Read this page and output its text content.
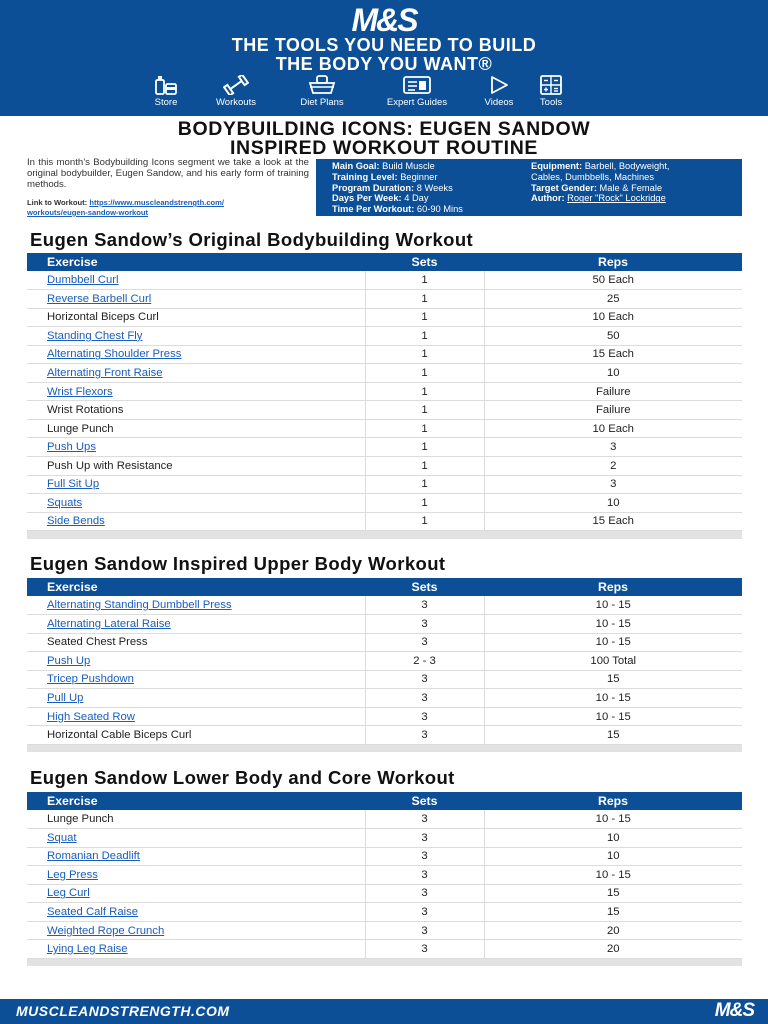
M&S
THE TOOLS YOU NEED TO BUILD
THE BODY YOU WANT®
Store	Workouts	Diet Plans	Expert Guides	Videos	Tools
BODYBUILDING ICONS: EUGEN SANDOW
INSPIRED WORKOUT ROUTINE

In this month’s Bodybuilding Icons segment we take a look at the original bodybuilder, Eugen Sandow, and his early form of training methods.

Link to Workout: https://www.muscleandstrength.com/
workouts/eugen-sandow-workout
Main Goal: Build Muscle
Training Level: Beginner
Program Duration: 8 Weeks
Days Per Week: 4 Day
Time Per Workout: 60-90 Mins
Equipment: Barbell, Bodyweight,
Cables, Dumbbells, Machines
Target Gender: Male & Female
Author: Roger "Rock" Lockridge
Eugen Sandow’s Original Bodybuilding Workout
Exercise	Sets	Reps
Dumbbell Curl	1	50 Each
Reverse Barbell Curl	1	25
Horizontal Biceps Curl	1	10 Each
Standing Chest Fly	1	50
Alternating Shoulder Press	1	15 Each
Alternating Front Raise	1	10
Wrist Flexors	1	Failure
Wrist Rotations	1	Failure
Lunge Punch	1	10 Each
Push Ups	1	3
Push Up with Resistance	1	2
Full Sit Up	1	3
Squats	1	10
Side Bends	1	15 Each

Eugen Sandow Inspired Upper Body Workout
Exercise	Sets	Reps
Alternating Standing Dumbbell Press	3	10 - 15
Alternating Lateral Raise	3	10 - 15
Seated Chest Press	3	10 - 15
Push Up	2 - 3	100 Total
Tricep Pushdown	3	15
Pull Up	3	10 - 15
High Seated Row	3	10 - 15
Horizontal Cable Biceps Curl	3	15

Eugen Sandow Lower Body and Core Workout
Exercise	Sets	Reps
Lunge Punch	3	10 - 15
Squat	3	10
Romanian Deadlift	3	10
Leg Press	3	10 - 15
Leg Curl	3	15
Seated Calf Raise	3	15
Weighted Rope Crunch	3	20
Lying Leg Raise	3	20

MUSCLEANDSTRENGTH.COM	M&S
